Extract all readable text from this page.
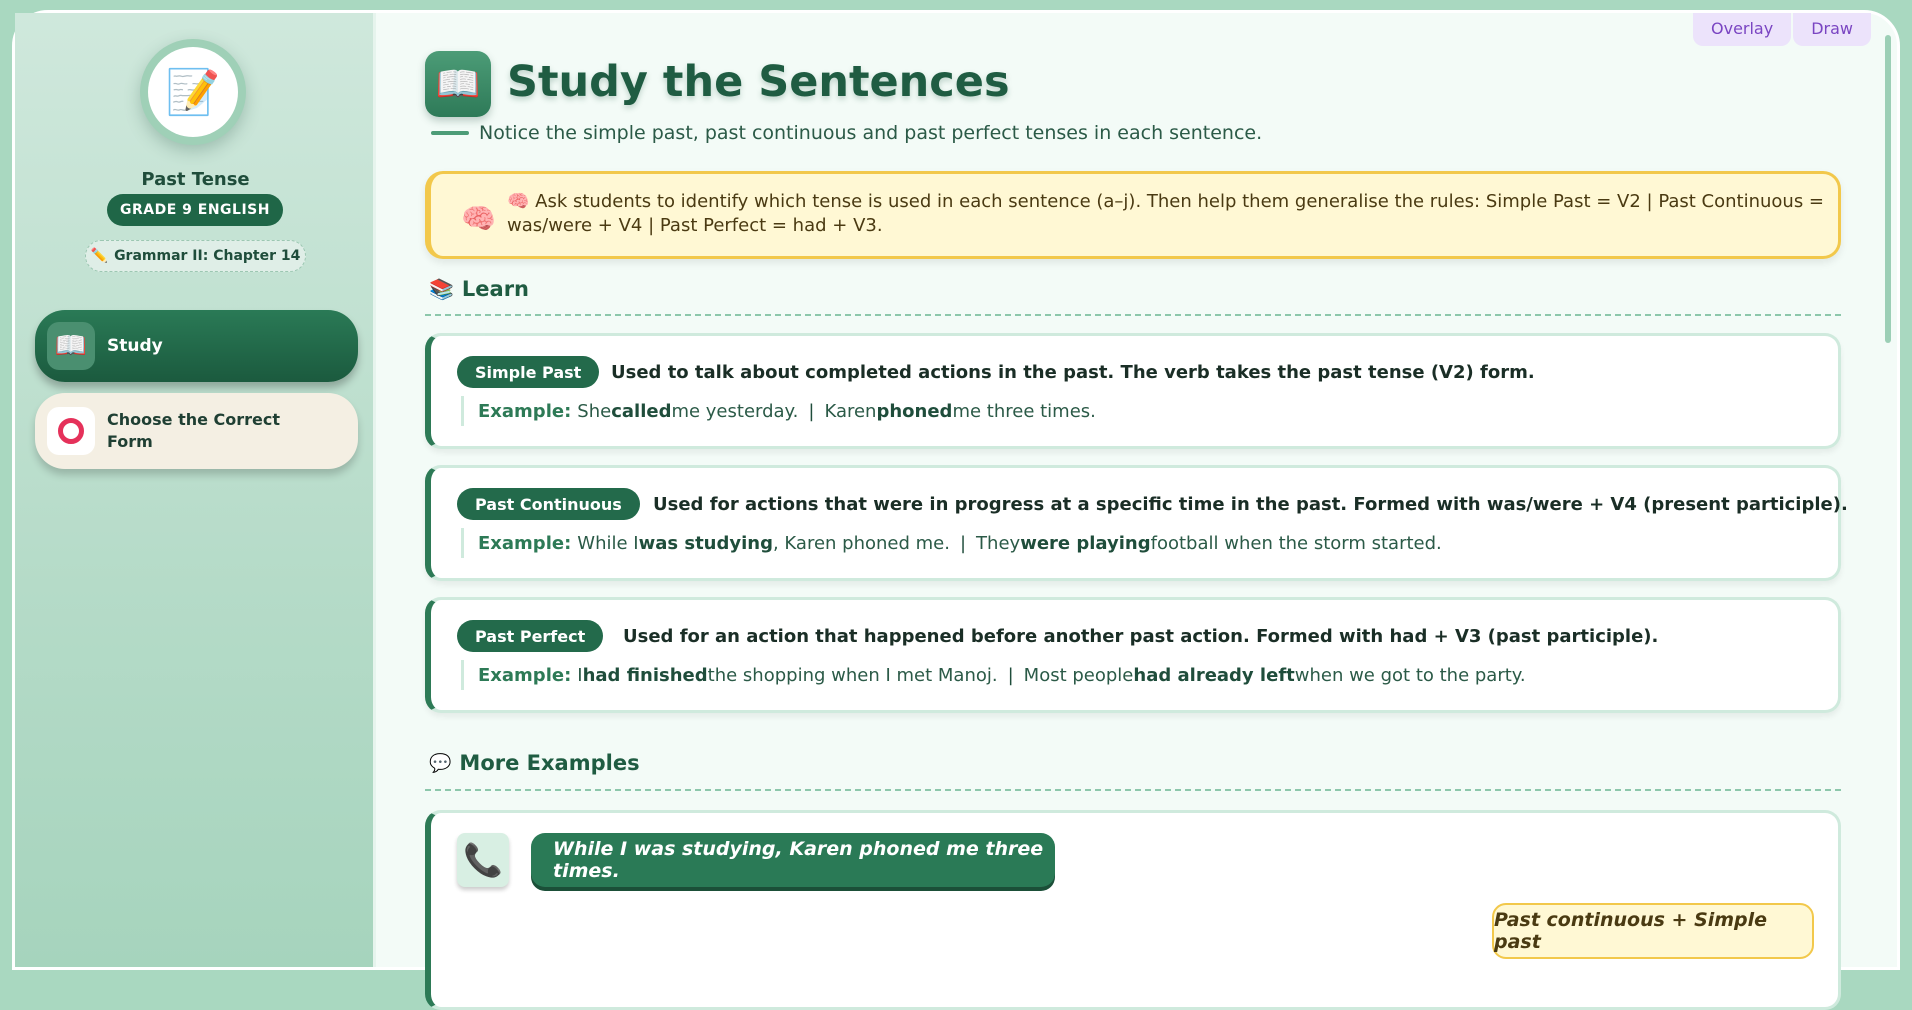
Overlay	Draw
📝
Past Tense
GRADE 9 ENGLISH
✏️ Grammar II: Chapter 14
📖	Study
Choose the Correct Form
📖 Study the Sentences
Notice the simple past, past continuous and past perfect tenses in each sentence.
🧠
🧠 Ask students to identify which tense is used in each sentence (a–j). Then help them generalise the rules: Simple Past = V2 | Past Continuous = was/were + V4 | Past Perfect = had + V3.
📚 Learn
Simple Past	Used to talk about completed actions in the past. The verb takes the past tense (V2) form.
Example: She called me yesterday. | Karen phoned me three times.
Past Continuous	Used for actions that were in progress at a specific time in the past. Formed with was/were + V4 (present participle).
Example: While I was studying , Karen phoned me. | They were playing football when the storm started.
Past Perfect	Used for an action that happened before another past action. Formed with had + V3 (past participle).
Example: I had finished the shopping when I met Manoj. | Most people had already left when we got to the party.
💬 More Examples
📞	While I was studying, Karen phoned me three times.
Past continuous + Simple past
